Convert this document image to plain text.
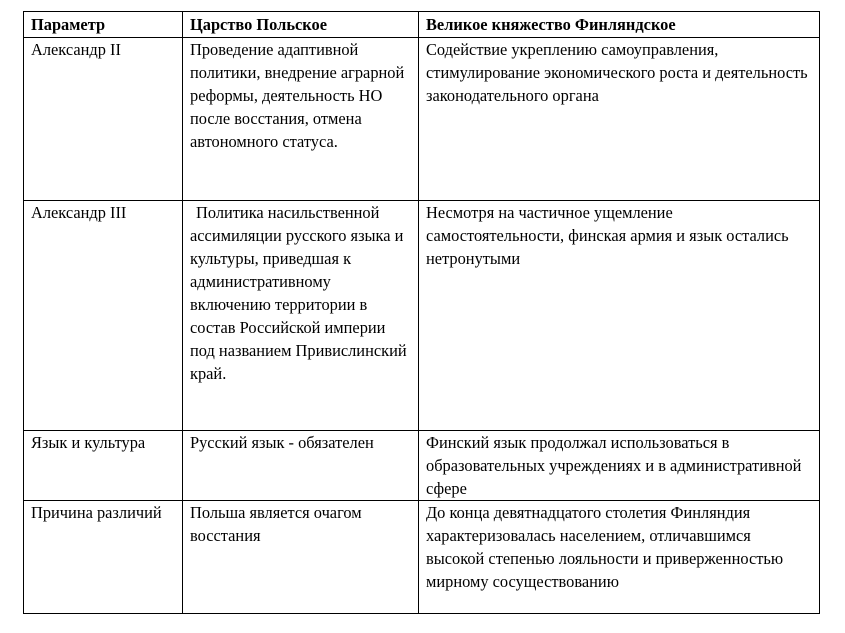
Параметр	Царство Польское	Великое княжество Финляндское
Александр II	Проведение адаптивной политики, внедрение аграрной реформы, деятельность НО после восстания, отмена автономного статуса.	Содействие укреплению самоуправления, стимулирование экономического роста и деятельность законодательного органа
Александр III	Политика насильственной ассимиляции русского языка и культуры, приведшая к административному включению территории в состав Российской империи под названием Привислинский край.	Несмотря на частичное ущемление самостоятельности, финская армия и язык остались нетронутыми
Язык и культура	Русский язык - обязателен	Финский язык продолжал использоваться в образовательных учреждениях и в административной сфере
Причина различий	Польша является очагом восстания	До конца девятнадцатого столетия Финляндия характеризовалась населением, отличавшимся высокой степенью лояльности и приверженностью мирному сосуществованию
